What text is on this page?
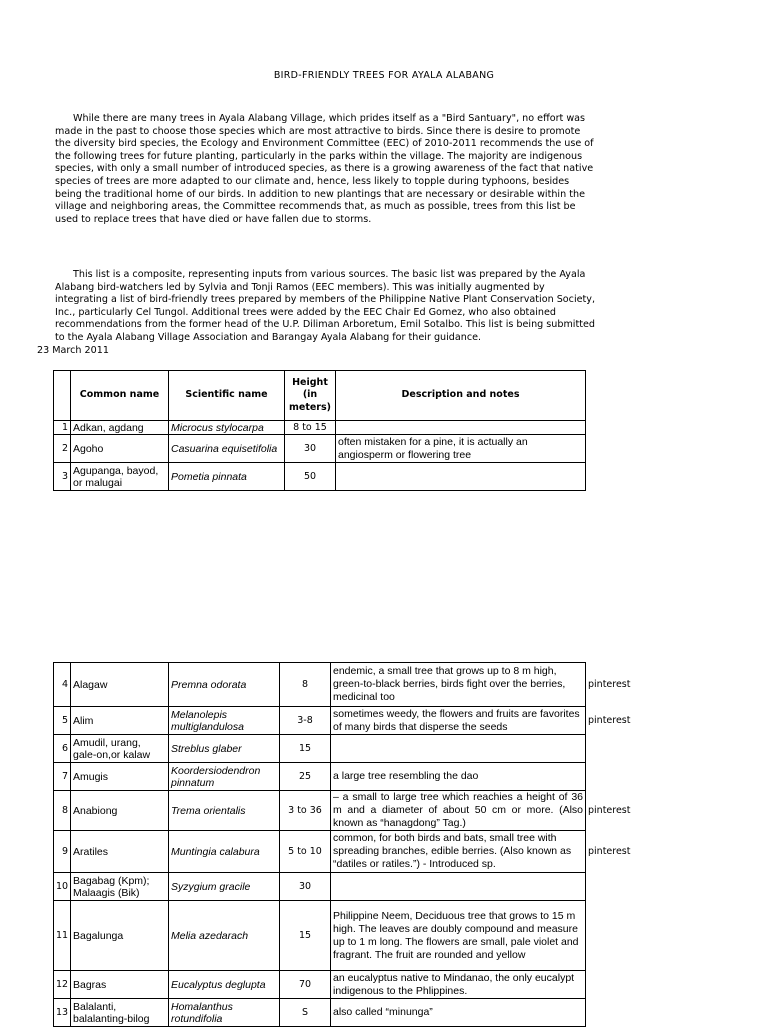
BIRD-FRIENDLY TREES FOR AYALA ALABANG

While there are many trees in Ayala Alabang Village, which prides itself as a "Bird Santuary", no effort was made in the past to choose those species which are most attractive to birds. Since there is desire to promote the diversity bird species, the Ecology and Environment Committee (EEC) of 2010-2011 recommends the use of the following trees for future planting, particularly in the parks within the village. The majority are indigenous species, with only a small number of introduced species, as there is a growing awareness of the fact that native species of trees are more adapted to our climate and, hence, less likely to topple during typhoons, besides being the traditional home of our birds. In addition to new plantings that are necessary or desirable within the village and neighboring areas, the Committee recommends that, as much as possible, trees from this list be used to replace trees that have died or have fallen due to storms.

This list is a composite, representing inputs from various sources. The basic list was prepared by the Ayala Alabang bird-watchers led by Sylvia and Tonji Ramos (EEC members). This was initially augmented by integrating a list of bird-friendly trees prepared by members of the Philippine Native Plant Conservation Society, Inc., particularly Cel Tungol. Additional trees were added by the EEC Chair Ed Gomez, who also obtained recommendations from the former head of the U.P. Diliman Arboretum, Emil Sotalbo. This list is being submitted to the Ayala Alabang Village Association and Barangay Ayala Alabang for their guidance.
23 March 2011
	Common name	Scientific name	Height (in meters)	Description and notes
1	Adkan, agdang	Microcus stylocarpa	8 to 15	
2	Agoho	Casuarina equisetifolia	30	often mistaken for a pine, it is actually an angiosperm or flowering tree
3	Agupanga, bayod, or malugai	Pometia pinnata	50	
4	Alagaw	Premna odorata	8	endemic, a small tree that grows up to 8 m high, green-to-black berries, birds fight over the berries, medicinal too	pinterest
5	Alim	Melanolepis multiglandulosa	3-8	sometimes weedy, the flowers and fruits are favorites of many birds that disperse the seeds	pinterest
6	Amudil, urang, gale-on,or kalaw	Streblus glaber	15		
7	Amugis	Koordersiodendron pinnatum	25	a large tree resembling the dao	
8	Anabiong	Trema orientalis	3 to 36	– a small to large tree which reachies a height of 36 m and a diameter of about 50 cm or more. (Also known as “hanagdong” Tag.)	pinterest
9	Aratiles	Muntingia calabura	5 to 10	common, for both birds and bats, small tree with spreading branches, edible berries. (Also known as “datiles or ratiles.”) - Introduced sp.	pinterest
10	Bagabag (Kpm); Malaagis (Bik)	Syzygium gracile	30		
11	Bagalunga	Melia azedarach	15	Philippine Neem, Deciduous tree that grows to 15 m high. The leaves are doubly compound and measure up to 1 m long. The flowers are small, pale violet and fragrant. The fruit are rounded and yellow	
12	Bagras	Eucalyptus deglupta	70	an eucalyptus native to Mindanao, the only eucalypt indigenous to the Phlippines.	
13	Balalanti, balalanting-bilog	Homalanthus rotundifolia	S	also called “minunga”	
